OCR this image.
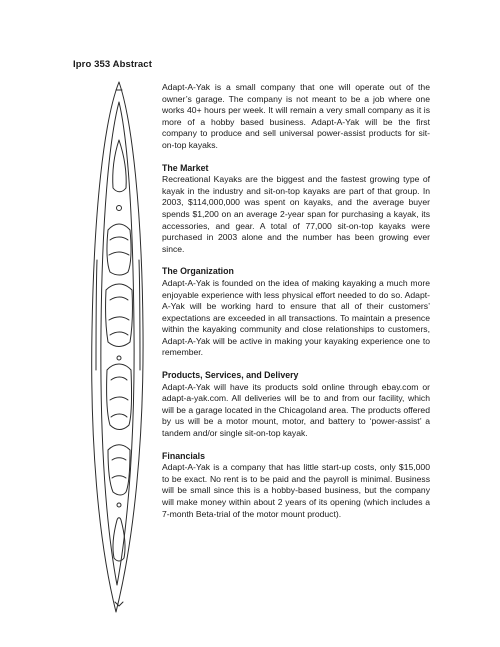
Ipro 353 Abstract

Adapt-A-Yak is a small company that one will operate out of the owner’s garage. The company is not meant to be a job where one works 40+ hours per week. It will remain a very small company as it is more of a hobby based business. Adapt-A-Yak will be the first company to produce and sell universal power-assist products for sit-on-top kayaks.

The Market

Recreational Kayaks are the biggest and the fastest growing type of kayak in the industry and sit-on-top kayaks are part of that group. In 2003, $114,000,000 was spent on kayaks, and the average buyer spends $1,200 on an average 2-year span for purchasing a kayak, its accessories, and gear. A total of 77,000 sit-on-top kayaks were purchased in 2003 alone and the number has been growing ever since.

The Organization

Adapt-A-Yak is founded on the idea of making kayaking a much more enjoyable experience with less physical effort needed to do so. Adapt-A-Yak will be working hard to ensure that all of their customers’ expectations are exceeded in all transactions. To maintain a presence within the kayaking community and close relationships to customers, Adapt-A-Yak will be active in making your kayaking experience one to remember.

Products, Services, and Delivery

Adapt-A-Yak will have its products sold online through ebay.com or adapt-a-yak.com. All deliveries will be to and from our facility, which will be a garage located in the Chicagoland area. The products offered by us will be a motor mount, motor, and battery to ‘power-assist’ a tandem and/or single sit-on-top kayak.

Financials

Adapt-A-Yak is a company that has little start-up costs, only $15,000 to be exact. No rent is to be paid and the payroll is minimal. Business will be small since this is a hobby-based business, but the company will make money within about 2 years of its opening (which includes a 7-month Beta-trial of the motor mount product).
